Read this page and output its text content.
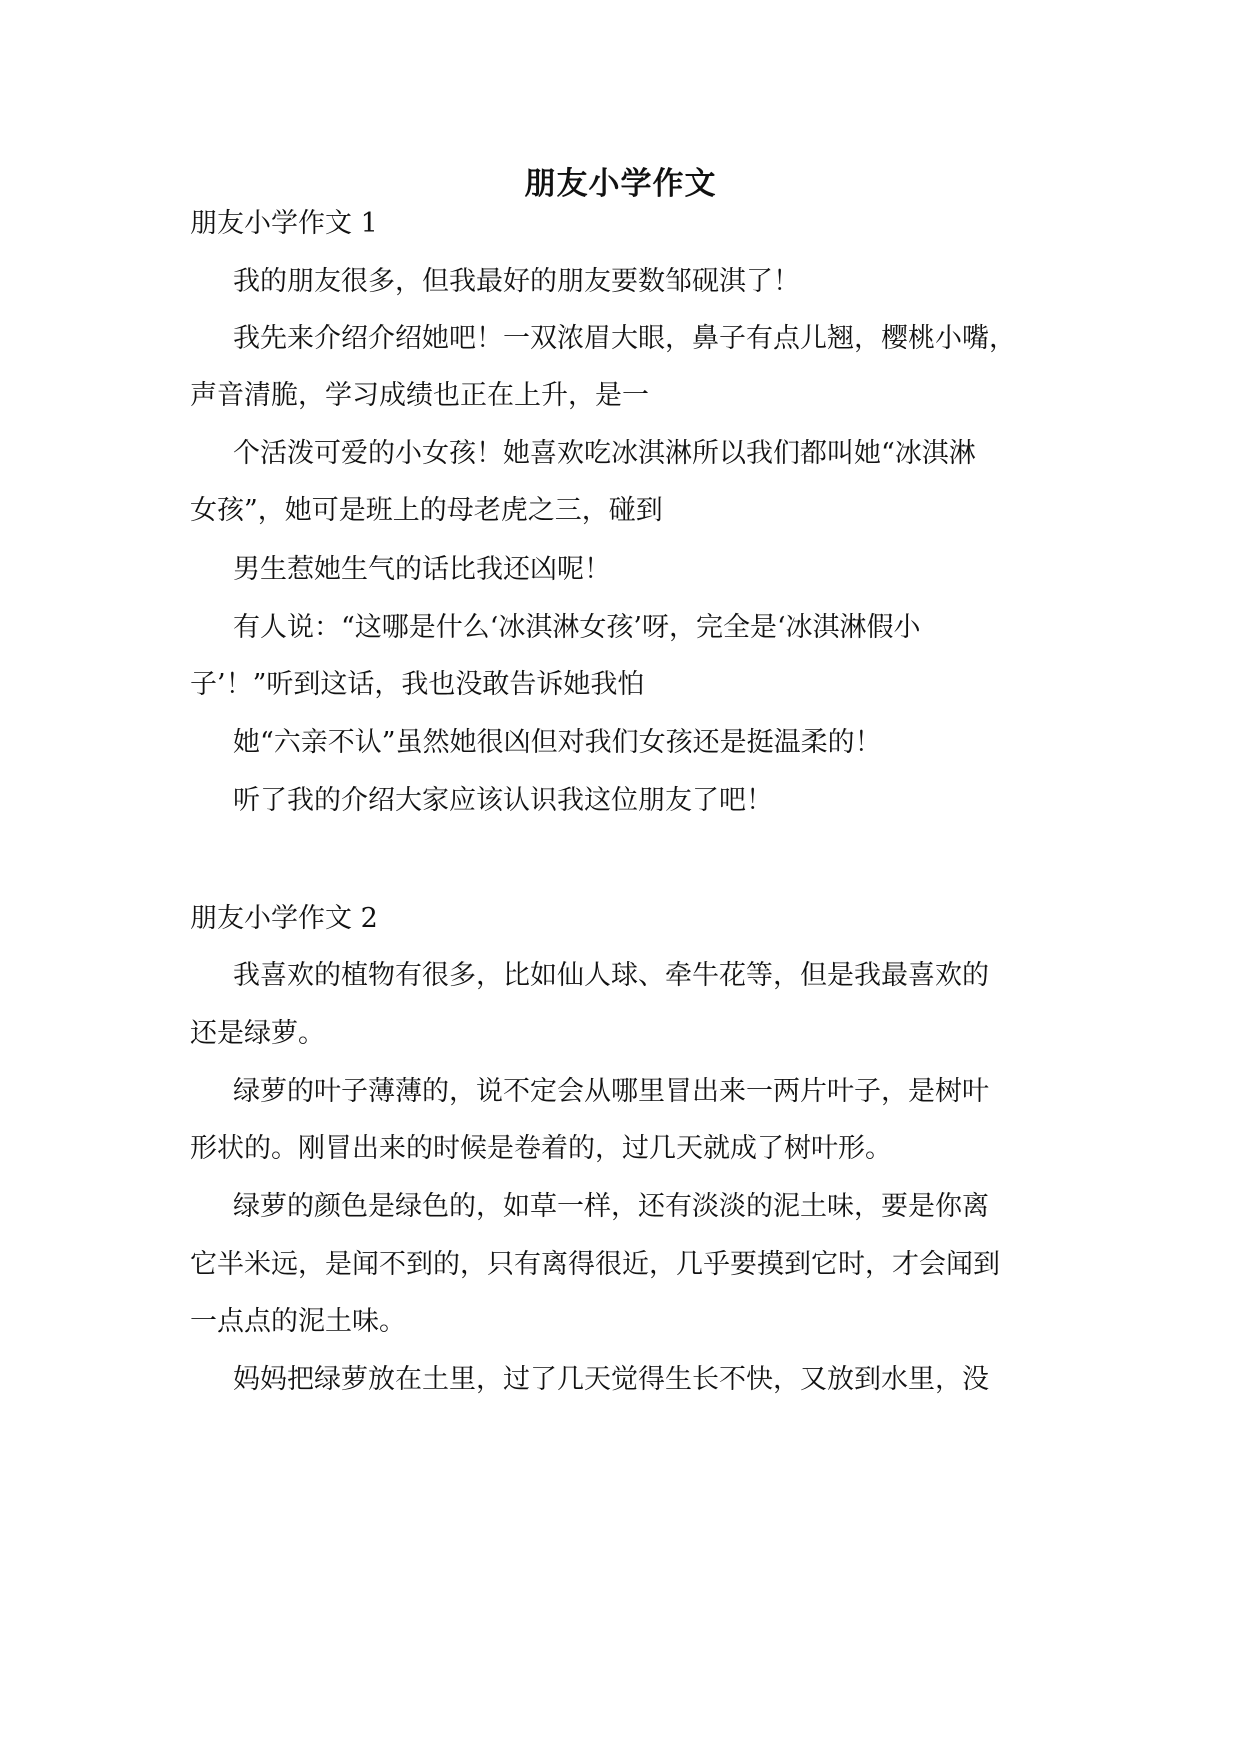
朋友小学作文
朋友小学作文 1
我的朋友很多，但我最好的朋友要数邹砚淇了！
我先来介绍介绍她吧！一双浓眉大眼，鼻子有点儿翘，樱桃小嘴，
声音清脆，学习成绩也正在上升，是一
个活泼可爱的小女孩！她喜欢吃冰淇淋所以我们都叫她“冰淇淋
女孩”，她可是班上的母老虎之三，碰到
男生惹她生气的话比我还凶呢！
有人说：“这哪是什么‘冰淇淋女孩’呀，完全是‘冰淇淋假小
子’！”听到这话，我也没敢告诉她我怕
她“六亲不认”虽然她很凶但对我们女孩还是挺温柔的！
听了我的介绍大家应该认识我这位朋友了吧！
朋友小学作文 2
我喜欢的植物有很多，比如仙人球、牵牛花等，但是我最喜欢的
还是绿萝。
绿萝的叶子薄薄的，说不定会从哪里冒出来一两片叶子，是树叶
形状的。刚冒出来的时候是卷着的，过几天就成了树叶形。
绿萝的颜色是绿色的，如草一样，还有淡淡的泥土味，要是你离
它半米远，是闻不到的，只有离得很近，几乎要摸到它时，才会闻到
一点点的泥土味。
妈妈把绿萝放在土里，过了几天觉得生长不快，又放到水里，没
